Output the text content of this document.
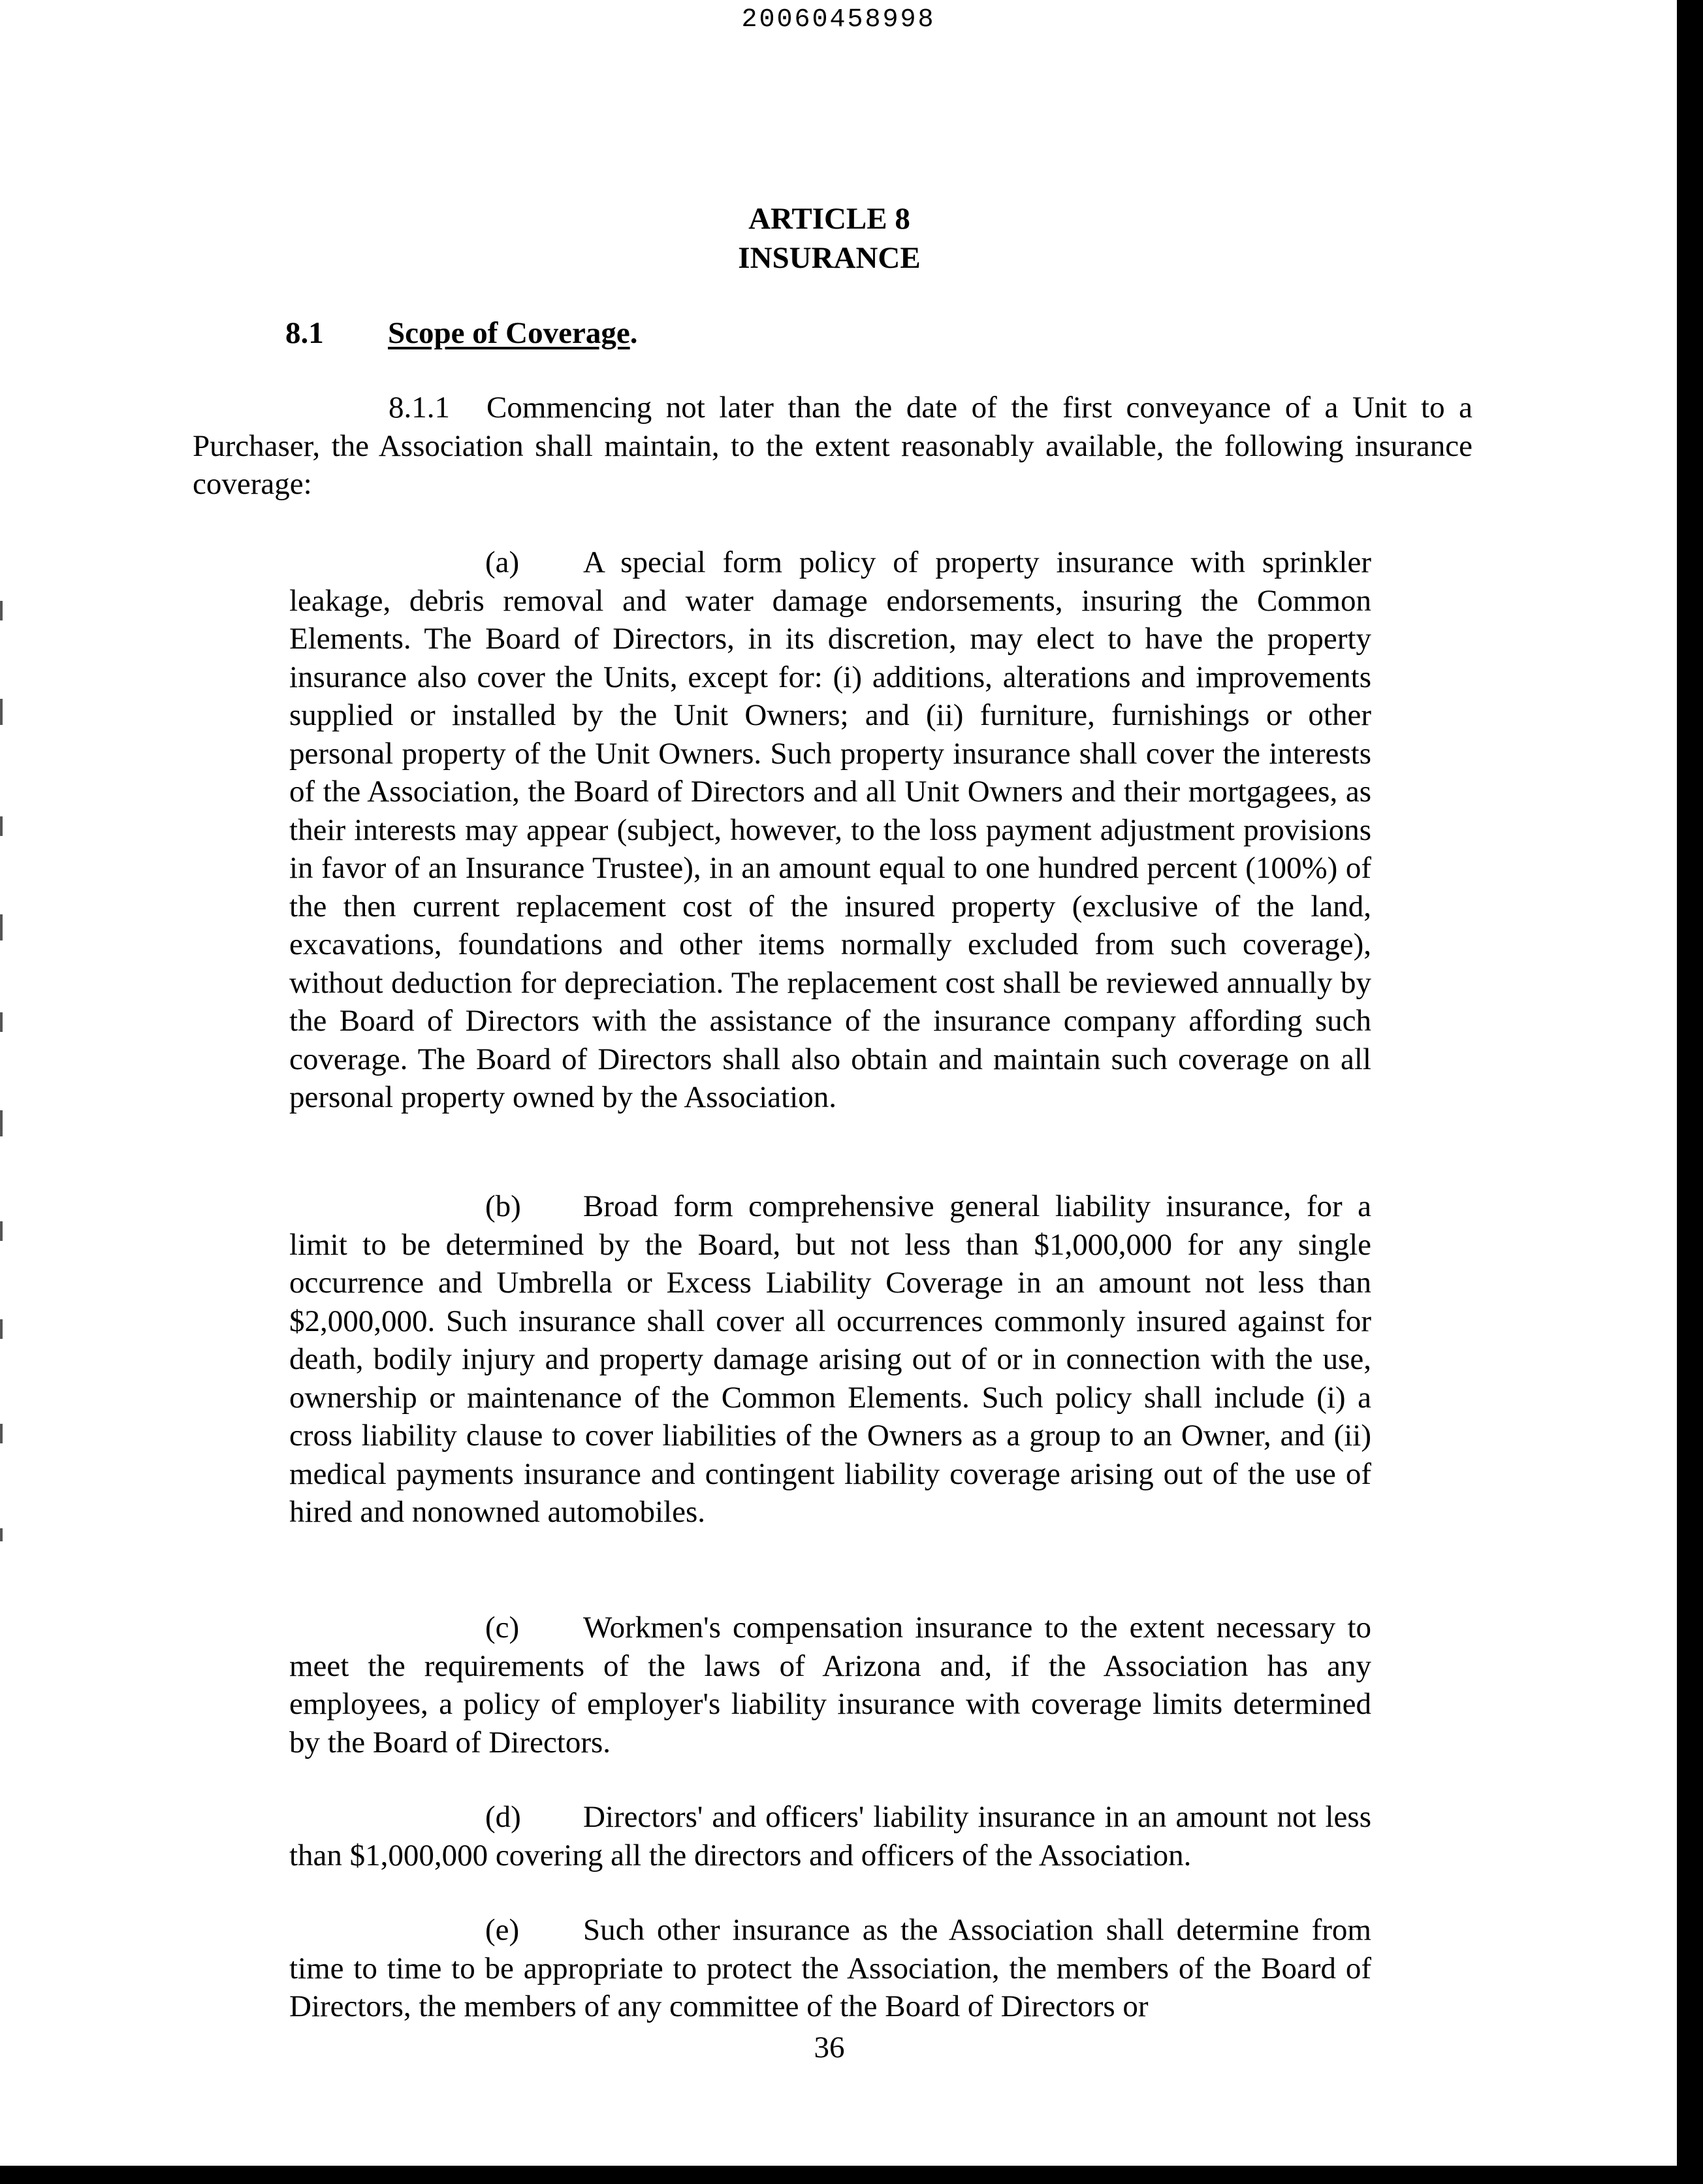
20060458998
ARTICLE 8
INSURANCE
8.1 Scope of Coverage.

8.1.1 Commencing not later than the date of the first conveyance of a Unit to a Purchaser, the Association shall maintain, to the extent reasonably available, the following insurance coverage:

(a) A special form policy of property insurance with sprinkler leakage, debris removal and water damage endorsements, insuring the Common Elements. The Board of Directors, in its discretion, may elect to have the property insurance also cover the Units, except for: (i) additions, alterations and improvements supplied or installed by the Unit Owners; and (ii) furniture, furnishings or other personal property of the Unit Owners. Such property insurance shall cover the interests of the Association, the Board of Directors and all Unit Owners and their mortgagees, as their interests may appear (subject, however, to the loss payment adjustment provisions in favor of an Insurance Trustee), in an amount equal to one hundred percent (100%) of the then current replacement cost of the insured property (exclusive of the land, excavations, foundations and other items normally excluded from such coverage), without deduction for depreciation. The replacement cost shall be reviewed annually by the Board of Directors with the assistance of the insurance company affording such coverage. The Board of Directors shall also obtain and maintain such coverage on all personal property owned by the Association.

(b) Broad form comprehensive general liability insurance, for a limit to be determined by the Board, but not less than $1,000,000 for any single occurrence and Umbrella or Excess Liability Coverage in an amount not less than $2,000,000. Such insurance shall cover all occurrences commonly insured against for death, bodily injury and property damage arising out of or in connection with the use, ownership or maintenance of the Common Elements. Such policy shall include (i) a cross liability clause to cover liabilities of the Owners as a group to an Owner, and (ii) medical payments insurance and contingent liability coverage arising out of the use of hired and nonowned automobiles.

(c) Workmen's compensation insurance to the extent necessary to meet the requirements of the laws of Arizona and, if the Association has any employees, a policy of employer's liability insurance with coverage limits determined by the Board of Directors.

(d) Directors' and officers' liability insurance in an amount not less than $1,000,000 covering all the directors and officers of the Association.

(e) Such other insurance as the Association shall determine from time to time to be appropriate to protect the Association, the members of the Board of Directors, the members of any committee of the Board of Directors or

36
